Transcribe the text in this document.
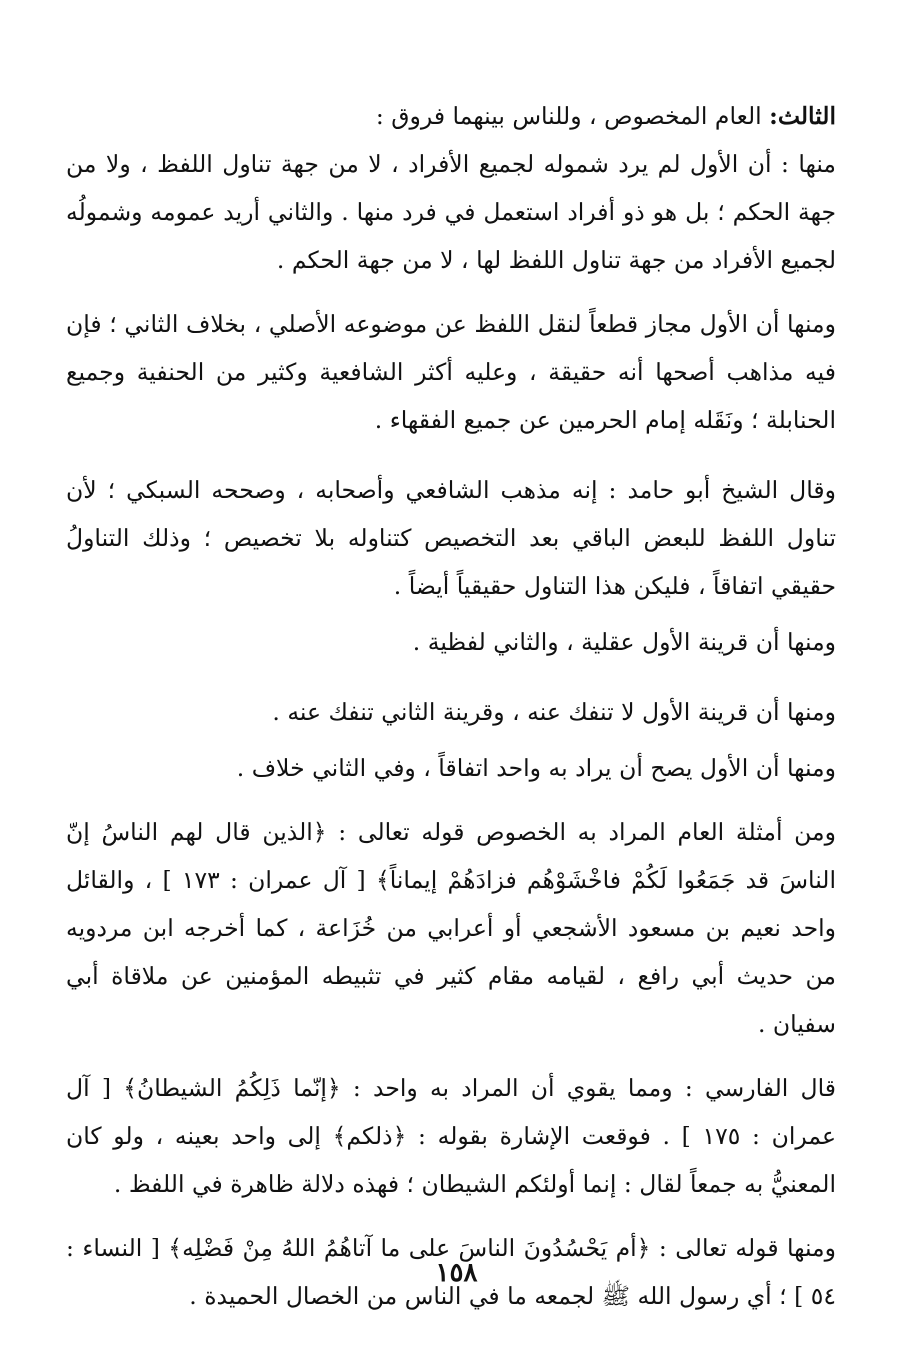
الثالث: العام المخصوص ، وللناس بينهما فروق :

منها : أن الأول لم يرد شموله لجميع الأفراد ، لا من جهة تناول اللفظ ، ولا من جهة الحكم ؛ بل هو ذو أفراد استعمل في فرد منها . والثاني أريد عمومه وشمولُه لجميع الأفراد من جهة تناول اللفظ لها ، لا من جهة الحكم .

ومنها أن الأول مجاز قطعاً لنقل اللفظ عن موضوعه الأصلي ، بخلاف الثاني ؛ فإن فيه مذاهب أصحها أنه حقيقة ، وعليه أكثر الشافعية وكثير من الحنفية وجميع الحنابلة ؛ ونَقَله إمام الحرمين عن جميع الفقهاء .

وقال الشيخ أبو حامد : إنه مذهب الشافعي وأصحابه ، وصححه السبكي ؛ لأن تناول اللفظ للبعض الباقي بعد التخصيص كتناوله بلا تخصيص ؛ وذلك التناولُ حقيقي اتفاقاً ، فليكن هذا التناول حقيقياً أيضاً .

ومنها أن قرينة الأول عقلية ، والثاني لفظية .

ومنها أن قرينة الأول لا تنفك عنه ، وقرينة الثاني تنفك عنه .

ومنها أن الأول يصح أن يراد به واحد اتفاقاً ، وفي الثاني خلاف .

ومن أمثلة العام المراد به الخصوص قوله تعالى : ﴿الذين قال لهم الناسُ إنّ الناسَ قد جَمَعُوا لَكُمْ فاخْشَوْهُم فزادَهُمْ إيماناً﴾ [ آل عمران : ١٧٣ ] ، والقائل واحد نعيم بن مسعود الأشجعي أو أعرابي من خُزَاعة ، كما أخرجه ابن مردويه من حديث أبي رافع ، لقيامه مقام كثير في تثبيطه المؤمنين عن ملاقاة أبي سفيان .

قال الفارسي : ومما يقوي أن المراد به واحد : ﴿إنّما ذَلِكُمُ الشيطانُ﴾ [ آل عمران : ١٧٥ ] . فوقعت الإشارة بقوله : ﴿ذلكم﴾ إلى واحد بعينه ، ولو كان المعنيُّ به جمعاً لقال : إنما أولئكم الشيطان ؛ فهذه دلالة ظاهرة في اللفظ .

ومنها قوله تعالى : ﴿أم يَحْسُدُونَ الناسَ على ما آتاهُمُ اللهُ مِنْ فَضْلِه﴾ [ النساء : ٥٤ ] ؛ أي رسول الله ﷺ لجمعه ما في الناس من الخصال الحميدة .

١٥٨
